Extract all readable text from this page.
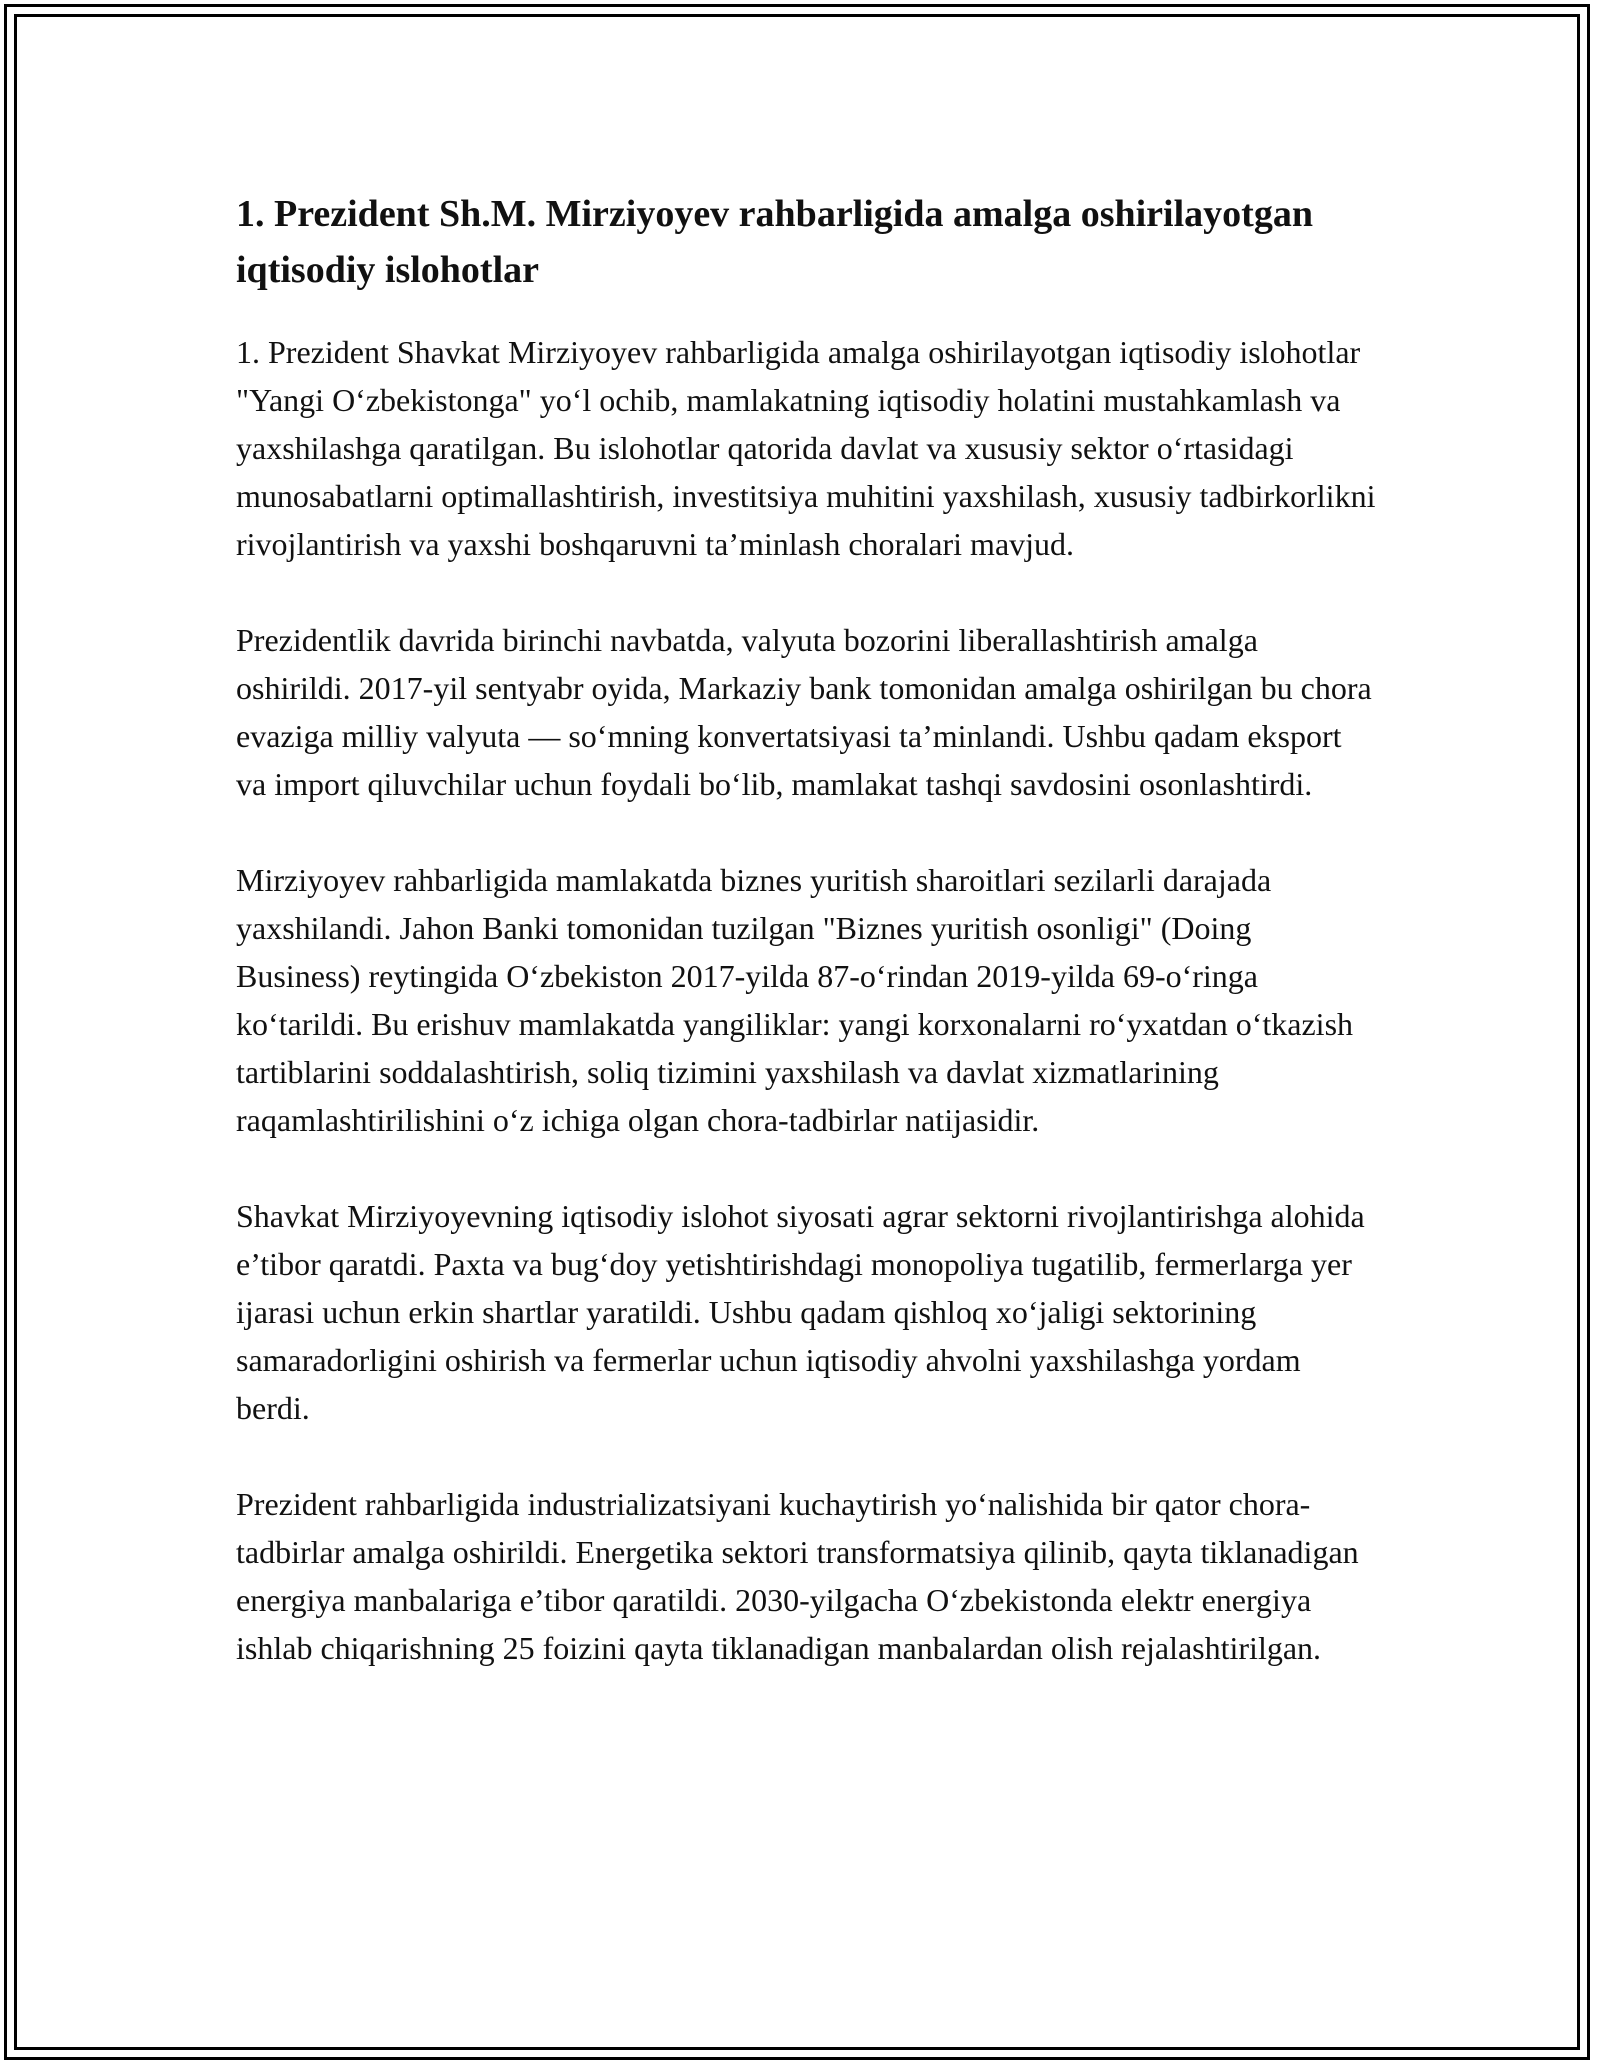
1. Prezident Sh.M. Mirziyoyev rahbarligida amalga oshirilayotgan iqtisodiy islohotlar

1. Prezident Shavkat Mirziyoyev rahbarligida amalga oshirilayotgan iqtisodiy islohotlar "Yangi O‘zbekistonga" yo‘l ochib, mamlakatning iqtisodiy holatini mustahkamlash va yaxshilashga qaratilgan. Bu islohotlar qatorida davlat va xususiy sektor o‘rtasidagi munosabatlarni optimallashtirish, investitsiya muhitini yaxshilash, xususiy tadbirkorlikni rivojlantirish va yaxshi boshqaruvni ta’minlash choralari mavjud.

Prezidentlik davrida birinchi navbatda, valyuta bozorini liberallashtirish amalga oshirildi. 2017-yil sentyabr oyida, Markaziy bank tomonidan amalga oshirilgan bu chora evaziga milliy valyuta — so‘mning konvertatsiyasi ta’minlandi. Ushbu qadam eksport va import qiluvchilar uchun foydali bo‘lib, mamlakat tashqi savdosini osonlashtirdi.

Mirziyoyev rahbarligida mamlakatda biznes yuritish sharoitlari sezilarli darajada yaxshilandi. Jahon Banki tomonidan tuzilgan "Biznes yuritish osonligi" (Doing Business) reytingida O‘zbekiston 2017-yilda 87-o‘rindan 2019-yilda 69-o‘ringa ko‘tarildi. Bu erishuv mamlakatda yangiliklar: yangi korxonalarni ro‘yxatdan o‘tkazish tartiblarini soddalashtirish, soliq tizimini yaxshilash va davlat xizmatlarining raqamlashtirilishini o‘z ichiga olgan chora-tadbirlar natijasidir.

Shavkat Mirziyoyevning iqtisodiy islohot siyosati agrar sektorni rivojlantirishga alohida e’tibor qaratdi. Paxta va bug‘doy yetishtirishdagi monopoliya tugatilib, fermerlarga yer ijarasi uchun erkin shartlar yaratildi. Ushbu qadam qishloq xo‘jaligi sektorining samaradorligini oshirish va fermerlar uchun iqtisodiy ahvolni yaxshilashga yordam berdi.

Prezident rahbarligida industrializatsiyani kuchaytirish yo‘nalishida bir qator chora-tadbirlar amalga oshirildi. Energetika sektori transformatsiya qilinib, qayta tiklanadigan energiya manbalariga e’tibor qaratildi. 2030-yilgacha O‘zbekistonda elektr energiya ishlab chiqarishning 25 foizini qayta tiklanadigan manbalardan olish rejalashtirilgan.
